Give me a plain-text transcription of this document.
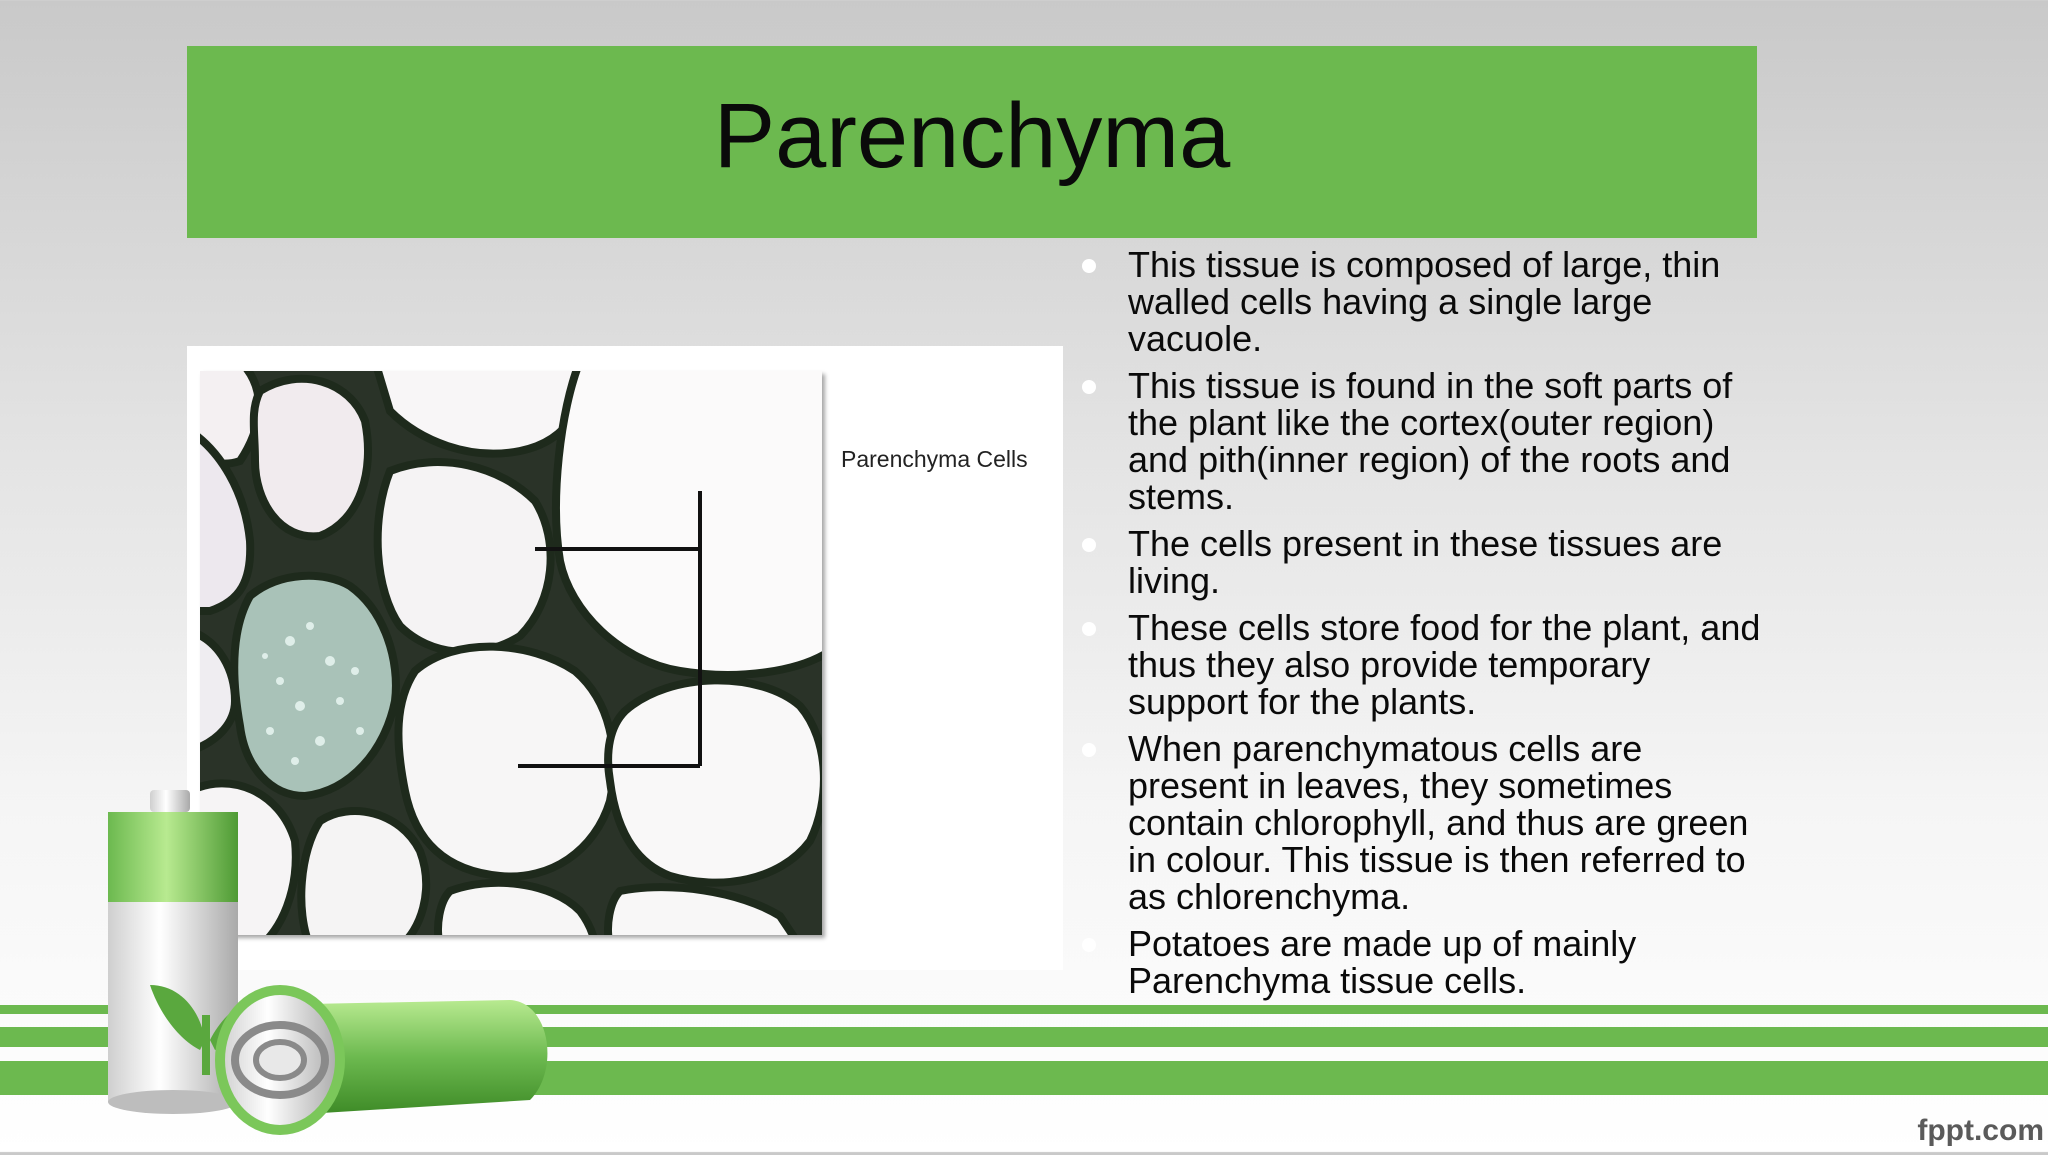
Parenchyma
Parenchyma Cells
This tissue is composed of large, thin walled cells having a single large vacuole.
This tissue is found in the soft parts of the plant like the cortex(outer region) and pith(inner region) of the roots and stems.
The cells present in these tissues are living.
These cells store food for the plant, and thus they also provide temporary support for the plants.
When parenchymatous cells are present in leaves, they sometimes contain chlorophyll, and thus are green in colour. This tissue is then referred to as chlorenchyma.
Potatoes are made up of mainly Parenchyma tissue cells.
fppt.com
